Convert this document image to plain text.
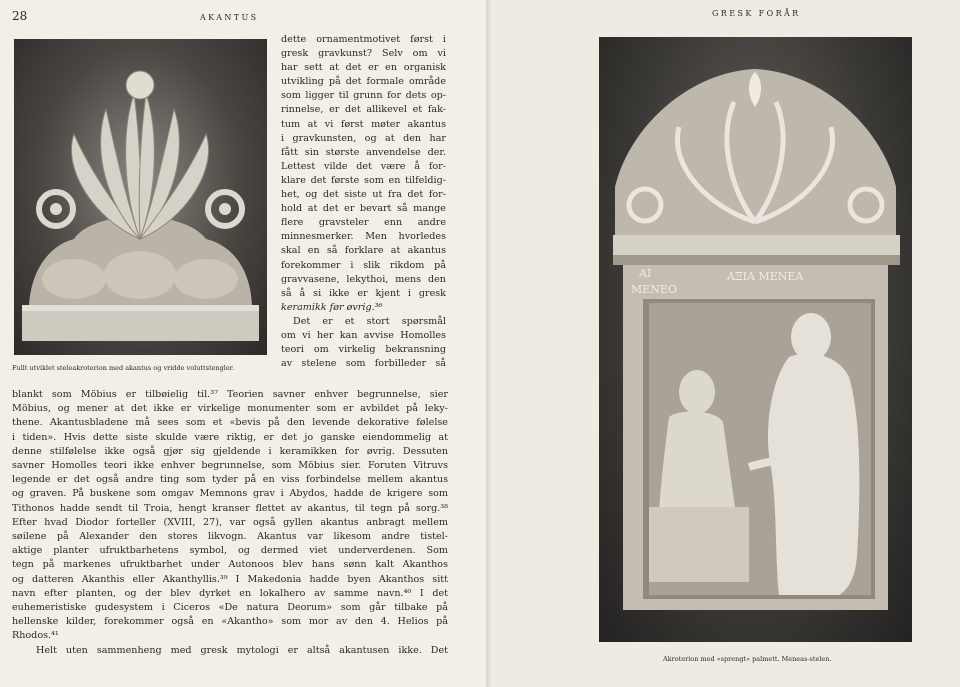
28	AKANTUS
Fullt utviklet steleakroterion med akantus og vridde voluttstengler.

dette ornamentmotivet først i
gresk gravkunst? Selv om vi
har sett at det er en organisk
utvikling på det formale område
som ligger til grunn for dets op-
rinnelse, er det allikevel et fak-
tum at vi først møter akantus
i gravkunsten, og at den har
fått sin største anvendelse der.
Lettest vilde det være å for-
klare det første som en tilfeldig-
het, og det siste ut fra det for-
hold at det er bevart så mange
flere gravsteler enn andre
minnesmerker. Men hvorledes
skal en så forklare at akantus
forekommer i slik rikdom på
gravvasene, lekythoi, mens den
så å si ikke er kjent i gresk
keramikk før øvrig.³⁶
Det er et stort spørsmål
om vi her kan avvise Homolles
teori om virkelig bekransning
av stelene som forbilleder så

blankt som Möbius er tilbøielig til.³⁷ Teorien savner enhver begrunnelse, sier
Möbius, og mener at det ikke er virkelige monumenter som er avbildet på leky-
thene. Akantusbladene må sees som et «bevis på den levende dekorative følelse
i tiden». Hvis dette siste skulde være riktig, er det jo ganske eiendommelig at
denne stilfølelse ikke også gjør sig gjeldende i keramikken for øvrig. Dessuten
savner Homolles teori ikke enhver begrunnelse, som Möbius sier. Foruten Vitruvs
legende er det også andre ting som tyder på en viss forbindelse mellem akantus
og graven. På buskene som omgav Memnons grav i Abydos, hadde de krigere som
Tithonos hadde sendt til Troia, hengt kranser flettet av akantus, til tegn på sorg.³⁸
Efter hvad Diodor forteller (XVIII, 27), var også gyllen akantus anbragt mellem
søilene på Alexander den stores likvogn. Akantus var likesom andre tistel-
aktige planter ufruktbarhetens symbol, og dermed viet underverdenen. Som
tegn på markenes ufruktbarhet under Autonoos blev hans sønn kalt Akanthos
og datteren Akanthis eller Akanthyllis.³⁹ I Makedonia hadde byen Akanthos sitt
navn efter planten, og der blev dyrket en lokalhero av samme navn.⁴⁰ I det
euhemeristiske gudesystem i Ciceros «De natura Deorum» som går tilbake på
hellenske kilder, forekommer også en «Akantho» som mor av den 4. Helios på
Rhodos.⁴¹
Helt uten sammenheng med gresk mytologi er altså akantusen ikke. Det

GRESK FORÅR
ΑΙ	ΑΞΙΑ ΜΕΝΕΑ
ΜΕΝΕΟ
Akroterion med «sprengt» palmett. Meneas-stelen.
